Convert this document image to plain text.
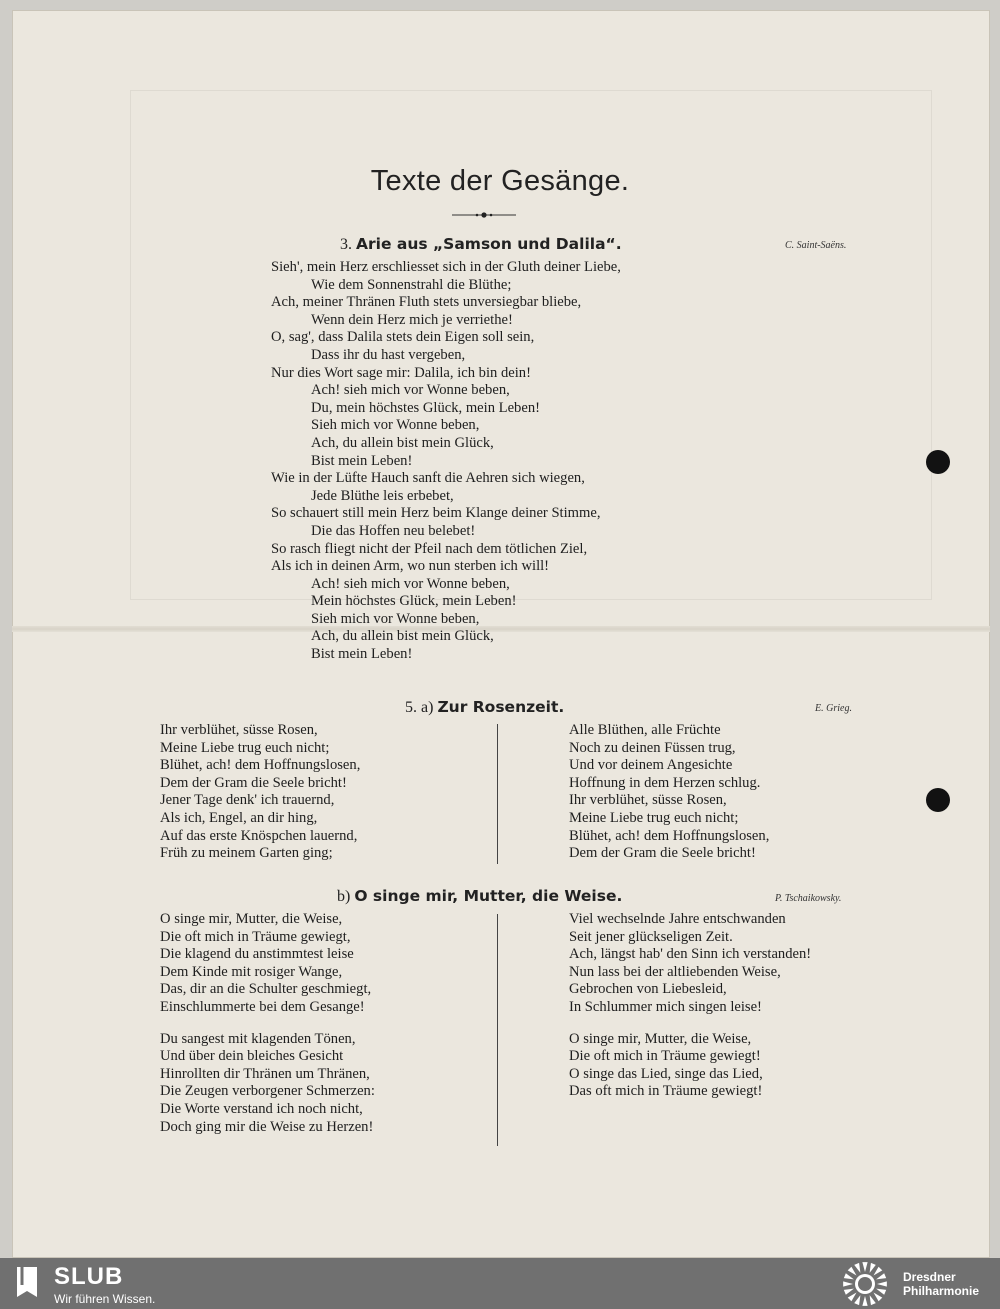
Texte der Gesänge.
3. Arie aus „Samson und Dalila“.	C. Saint-Saëns.
Sieh', mein Herz erschliesset sich in der Gluth deiner Liebe,
Wie dem Sonnenstrahl die Blüthe;
Ach, meiner Thränen Fluth stets unversiegbar bliebe,
Wenn dein Herz mich je verriethe!
O, sag', dass Dalila stets dein Eigen soll sein,
Dass ihr du hast vergeben,
Nur dies Wort sage mir: Dalila, ich bin dein!
Ach! sieh mich vor Wonne beben,
Du, mein höchstes Glück, mein Leben!
Sieh mich vor Wonne beben,
Ach, du allein bist mein Glück,
Bist mein Leben!
Wie in der Lüfte Hauch sanft die Aehren sich wiegen,
Jede Blüthe leis erbebet,
So schauert still mein Herz beim Klange deiner Stimme,
Die das Hoffen neu belebet!
So rasch fliegt nicht der Pfeil nach dem tötlichen Ziel,
Als ich in deinen Arm, wo nun sterben ich will!
Ach! sieh mich vor Wonne beben,
Mein höchstes Glück, mein Leben!
Sieh mich vor Wonne beben,
Ach, du allein bist mein Glück,
Bist mein Leben!
5. a) Zur Rosenzeit.	E. Grieg.
Ihr verblühet, süsse Rosen,
Meine Liebe trug euch nicht;
Blühet, ach! dem Hoffnungslosen,
Dem der Gram die Seele bricht!
Jener Tage denk' ich trauernd,
Als ich, Engel, an dir hing,
Auf das erste Knöspchen lauernd,
Früh zu meinem Garten ging;
Alle Blüthen, alle Früchte
Noch zu deinen Füssen trug,
Und vor deinem Angesichte
Hoffnung in dem Herzen schlug.
Ihr verblühet, süsse Rosen,
Meine Liebe trug euch nicht;
Blühet, ach! dem Hoffnungslosen,
Dem der Gram die Seele bricht!
b) O singe mir, Mutter, die Weise.	P. Tschaikowsky.
O singe mir, Mutter, die Weise,
Die oft mich in Träume gewiegt,
Die klagend du anstimmtest leise
Dem Kinde mit rosiger Wange,
Das, dir an die Schulter geschmiegt,
Einschlummerte bei dem Gesange!
Du sangest mit klagenden Tönen,
Und über dein bleiches Gesicht
Hinrollten dir Thränen um Thränen,
Die Zeugen verborgener Schmerzen:
Die Worte verstand ich noch nicht,
Doch ging mir die Weise zu Herzen!
Viel wechselnde Jahre entschwanden
Seit jener glückseligen Zeit.
Ach, längst hab' den Sinn ich verstanden!
Nun lass bei der altliebenden Weise,
Gebrochen von Liebesleid,
In Schlummer mich singen leise!
O singe mir, Mutter, die Weise,
Die oft mich in Träume gewiegt!
O singe das Lied, singe das Lied,
Das oft mich in Träume gewiegt!
SLUB
Wir führen Wissen.
Dresdner
Philharmonie
